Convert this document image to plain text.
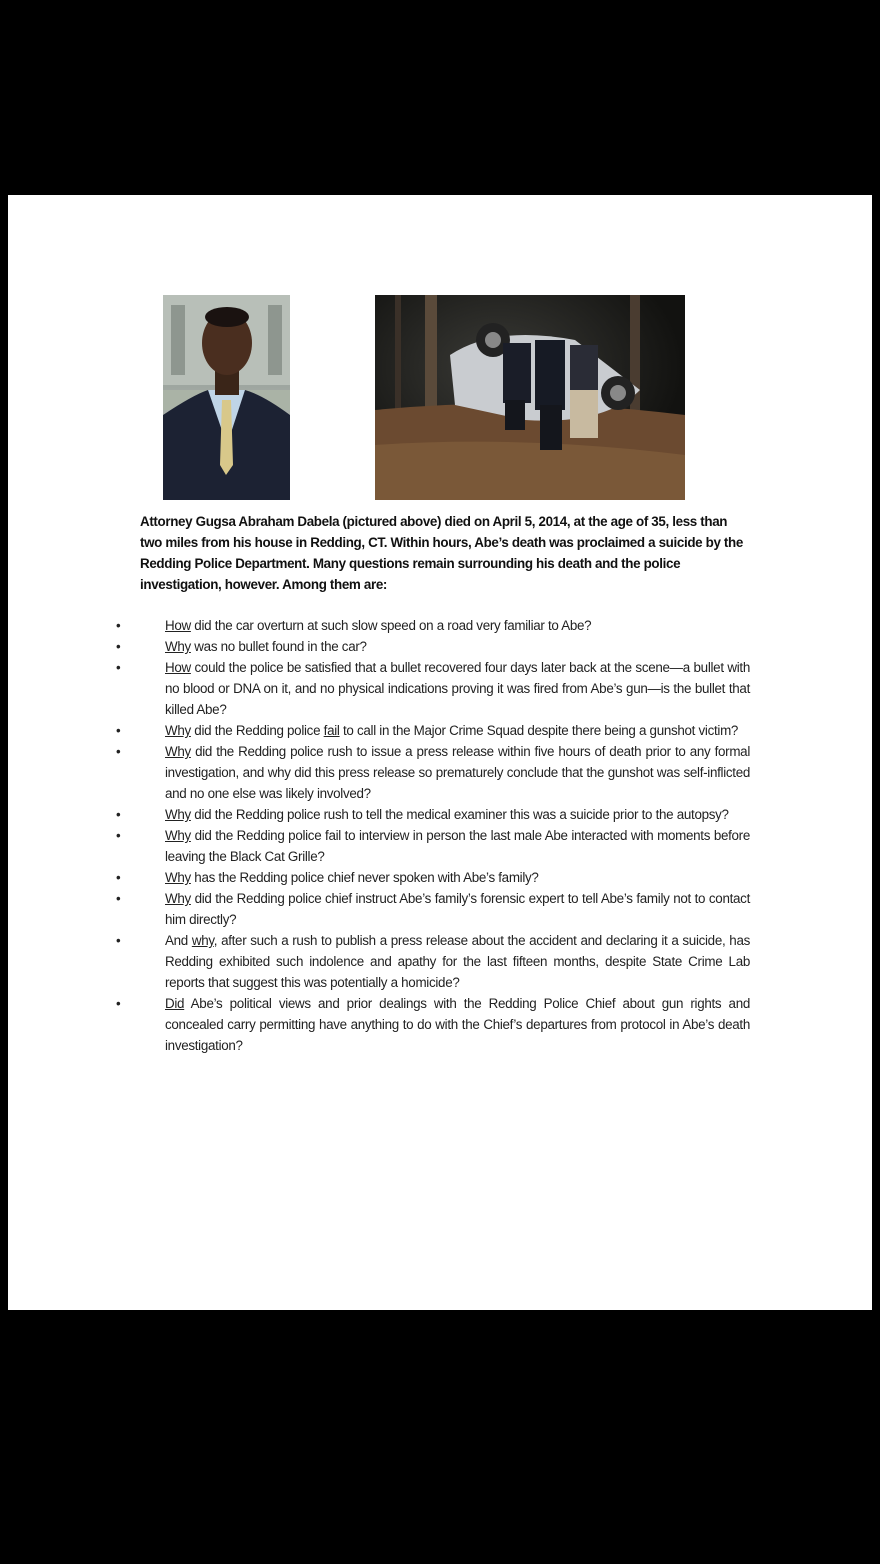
Attorney Gugsa Abraham Dabela (pictured above) died on April 5, 2014, at the age of 35, less than two miles from his house in Redding, CT. Within hours, Abe’s death was proclaimed a suicide by the Redding Police Department. Many questions remain surrounding his death and the police investigation, however. Among them are:
•	How did the car overturn at such slow speed on a road very familiar to Abe?
•	Why was no bullet found in the car?
•	How could the police be satisfied that a bullet recovered four days later back at the scene—a bullet with no blood or DNA on it, and no physical indications proving it was fired from Abe’s gun—is the bullet that killed Abe?
•	Why did the Redding police fail to call in the Major Crime Squad despite there being a gunshot victim?
•	Why did the Redding police rush to issue a press release within five hours of death prior to any formal investigation, and why did this press release so prematurely conclude that the gunshot was self-inflicted and no one else was likely involved?
•	Why did the Redding police rush to tell the medical examiner this was a suicide prior to the autopsy?
•	Why did the Redding police fail to interview in person the last male Abe interacted with moments before leaving the Black Cat Grille?
•	Why has the Redding police chief never spoken with Abe’s family?
•	Why did the Redding police chief instruct Abe’s family’s forensic expert to tell Abe’s family not to contact him directly?
•	And why, after such a rush to publish a press release about the accident and declaring it a suicide, has Redding exhibited such indolence and apathy for the last fifteen months, despite State Crime Lab reports that suggest this was potentially a homicide?
•	Did Abe’s political views and prior dealings with the Redding Police Chief about gun rights and concealed carry permitting have anything to do with the Chief’s departures from protocol in Abe’s death investigation?
